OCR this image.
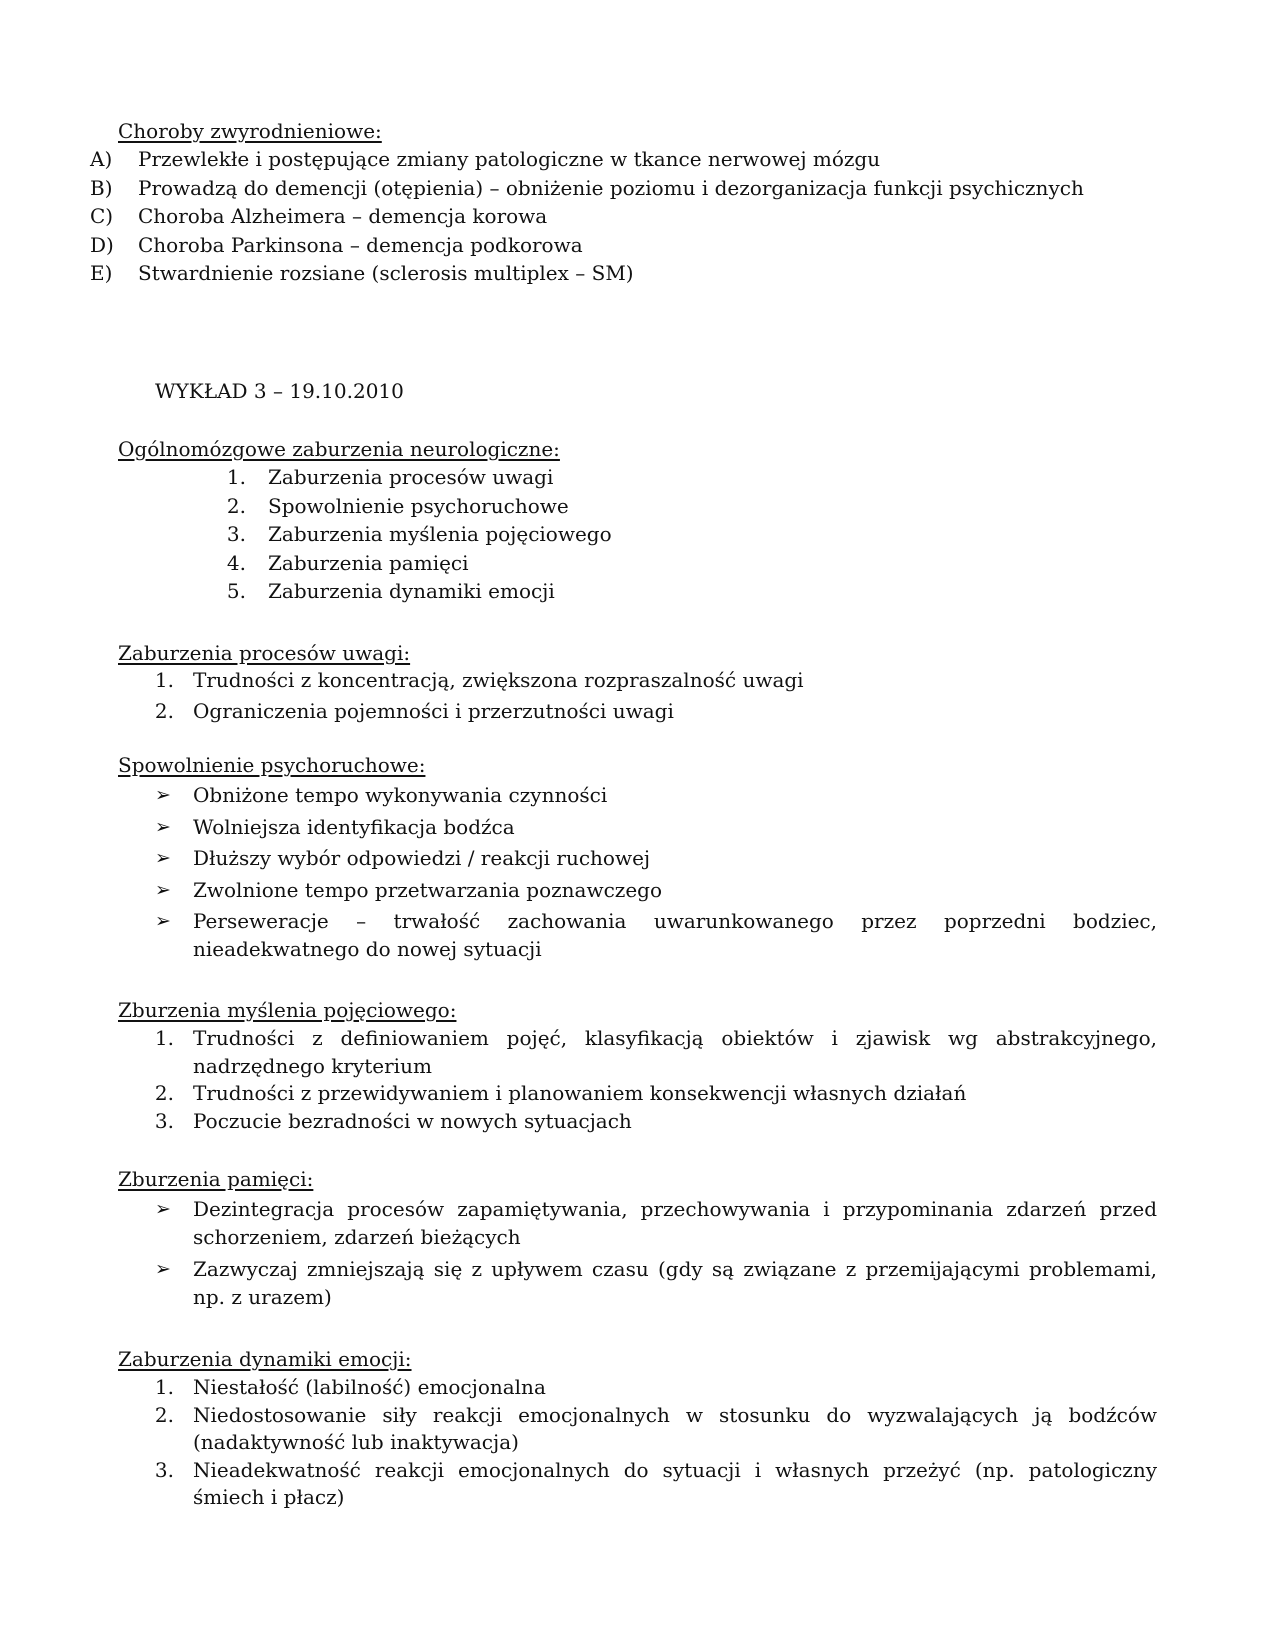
Choroby zwyrodnieniowe:
A)	Przewlekłe i postępujące zmiany patologiczne w tkance nerwowej mózgu
B)	Prowadzą do demencji (otępienia) – obniżenie poziomu i dezorganizacja funkcji psychicznych
C)	Choroba Alzheimera – demencja korowa
D)	Choroba Parkinsona – demencja podkorowa
E)	Stwardnienie rozsiane (sclerosis multiplex – SM)
WYKŁAD 3 – 19.10.2010
Ogólnomózgowe zaburzenia neurologiczne:
1. Zaburzenia procesów uwagi
2. Spowolnienie psychoruchowe
3. Zaburzenia myślenia pojęciowego
4. Zaburzenia pamięci
5. Zaburzenia dynamiki emocji
Zaburzenia procesów uwagi:
1. Trudności z koncentracją, zwiększona rozpraszalność uwagi
2. Ograniczenia pojemności i przerzutności uwagi
Spowolnienie psychoruchowe:
➢	Obniżone tempo wykonywania czynności
➢	Wolniejsza identyfikacja bodźca
➢	Dłuższy wybór odpowiedzi / reakcji ruchowej
➢	Zwolnione tempo przetwarzania poznawczego
➢	Perseweracje – trwałość zachowania uwarunkowanego przez poprzedni bodziec, nieadekwatnego do nowej sytuacji
Zburzenia myślenia pojęciowego:
1. Trudności z definiowaniem pojęć, klasyfikacją obiektów i zjawisk wg abstrakcyjnego, nadrzędnego kryterium
2. Trudności z przewidywaniem i planowaniem konsekwencji własnych działań
3. Poczucie bezradności w nowych sytuacjach
Zburzenia pamięci:
➢	Dezintegracja procesów zapamiętywania, przechowywania i przypominania zdarzeń przed schorzeniem, zdarzeń bieżących
➢	Zazwyczaj zmniejszają się z upływem czasu (gdy są związane z przemijającymi problemami, np. z urazem)
Zaburzenia dynamiki emocji:
1. Niestałość (labilność) emocjonalna
2. Niedostosowanie siły reakcji emocjonalnych w stosunku do wyzwalających ją bodźców (nadaktywność lub inaktywacja)
3. Nieadekwatność reakcji emocjonalnych do sytuacji i własnych przeżyć (np. patologiczny śmiech i płacz)
